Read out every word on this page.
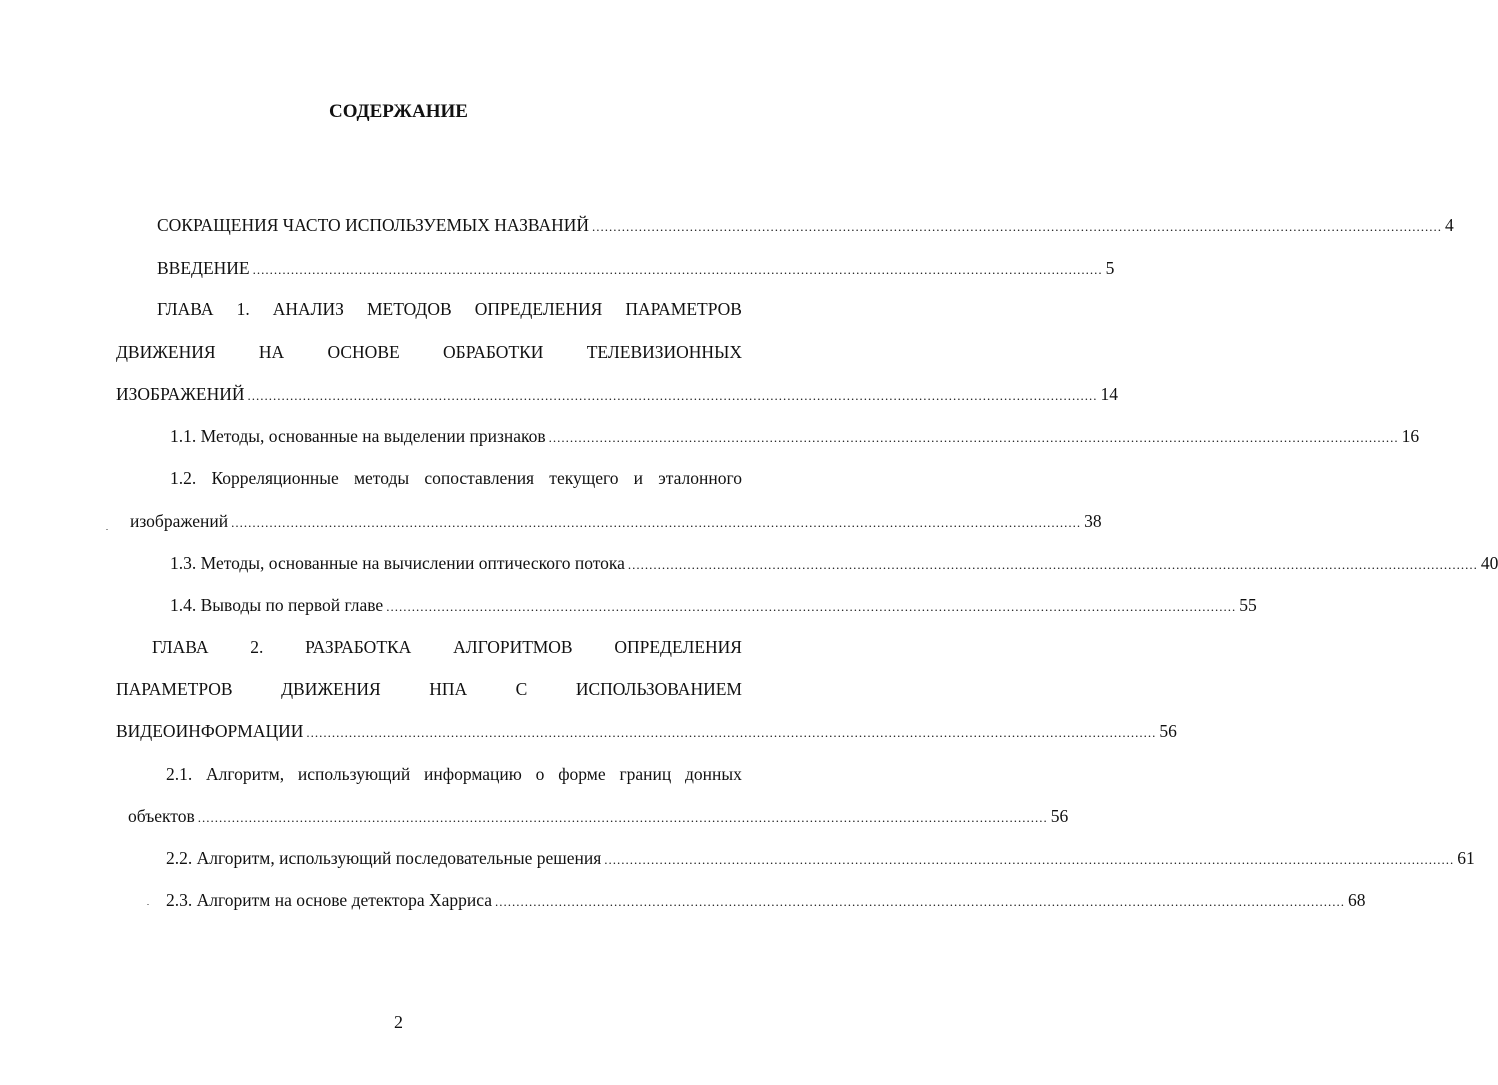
СОДЕРЖАНИЕ
СОКРАЩЕНИЯ ЧАСТО ИСПОЛЬЗУЕМЫХ НАЗВАНИЙ ........................................................................................................................................................................................................ 4
ВВЕДЕНИЕ ........................................................................................................................................................................................................ 5
ГЛАВА 1. АНАЛИЗ МЕТОДОВ ОПРЕДЕЛЕНИЯ ПАРАМЕТРОВ
ДВИЖЕНИЯ НА ОСНОВЕ ОБРАБОТКИ ТЕЛЕВИЗИОННЫХ
ИЗОБРАЖЕНИЙ ........................................................................................................................................................................................................ 14
1.1. Методы, основанные на выделении признаков ........................................................................................................................................................................................................ 16
1.2. Корреляционные методы сопоставления текущего и эталонного
изображений ........................................................................................................................................................................................................ 38
1.3. Методы, основанные на вычислении оптического потока ........................................................................................................................................................................................................ 40
1.4. Выводы по первой главе ........................................................................................................................................................................................................ 55
ГЛАВА 2. РАЗРАБОТКА АЛГОРИТМОВ ОПРЕДЕЛЕНИЯ
ПАРАМЕТРОВ	ДВИЖЕНИЯ	НПА	С	ИСПОЛЬЗОВАНИЕМ
ВИДЕОИНФОРМАЦИИ ........................................................................................................................................................................................................ 56
2.1. Алгоритм, использующий информацию о форме границ донных
объектов ........................................................................................................................................................................................................ 56
2.2. Алгоритм, использующий последовательные решения ........................................................................................................................................................................................................ 61
2.3. Алгоритм на основе детектора Харриса ........................................................................................................................................................................................................ 68
2
